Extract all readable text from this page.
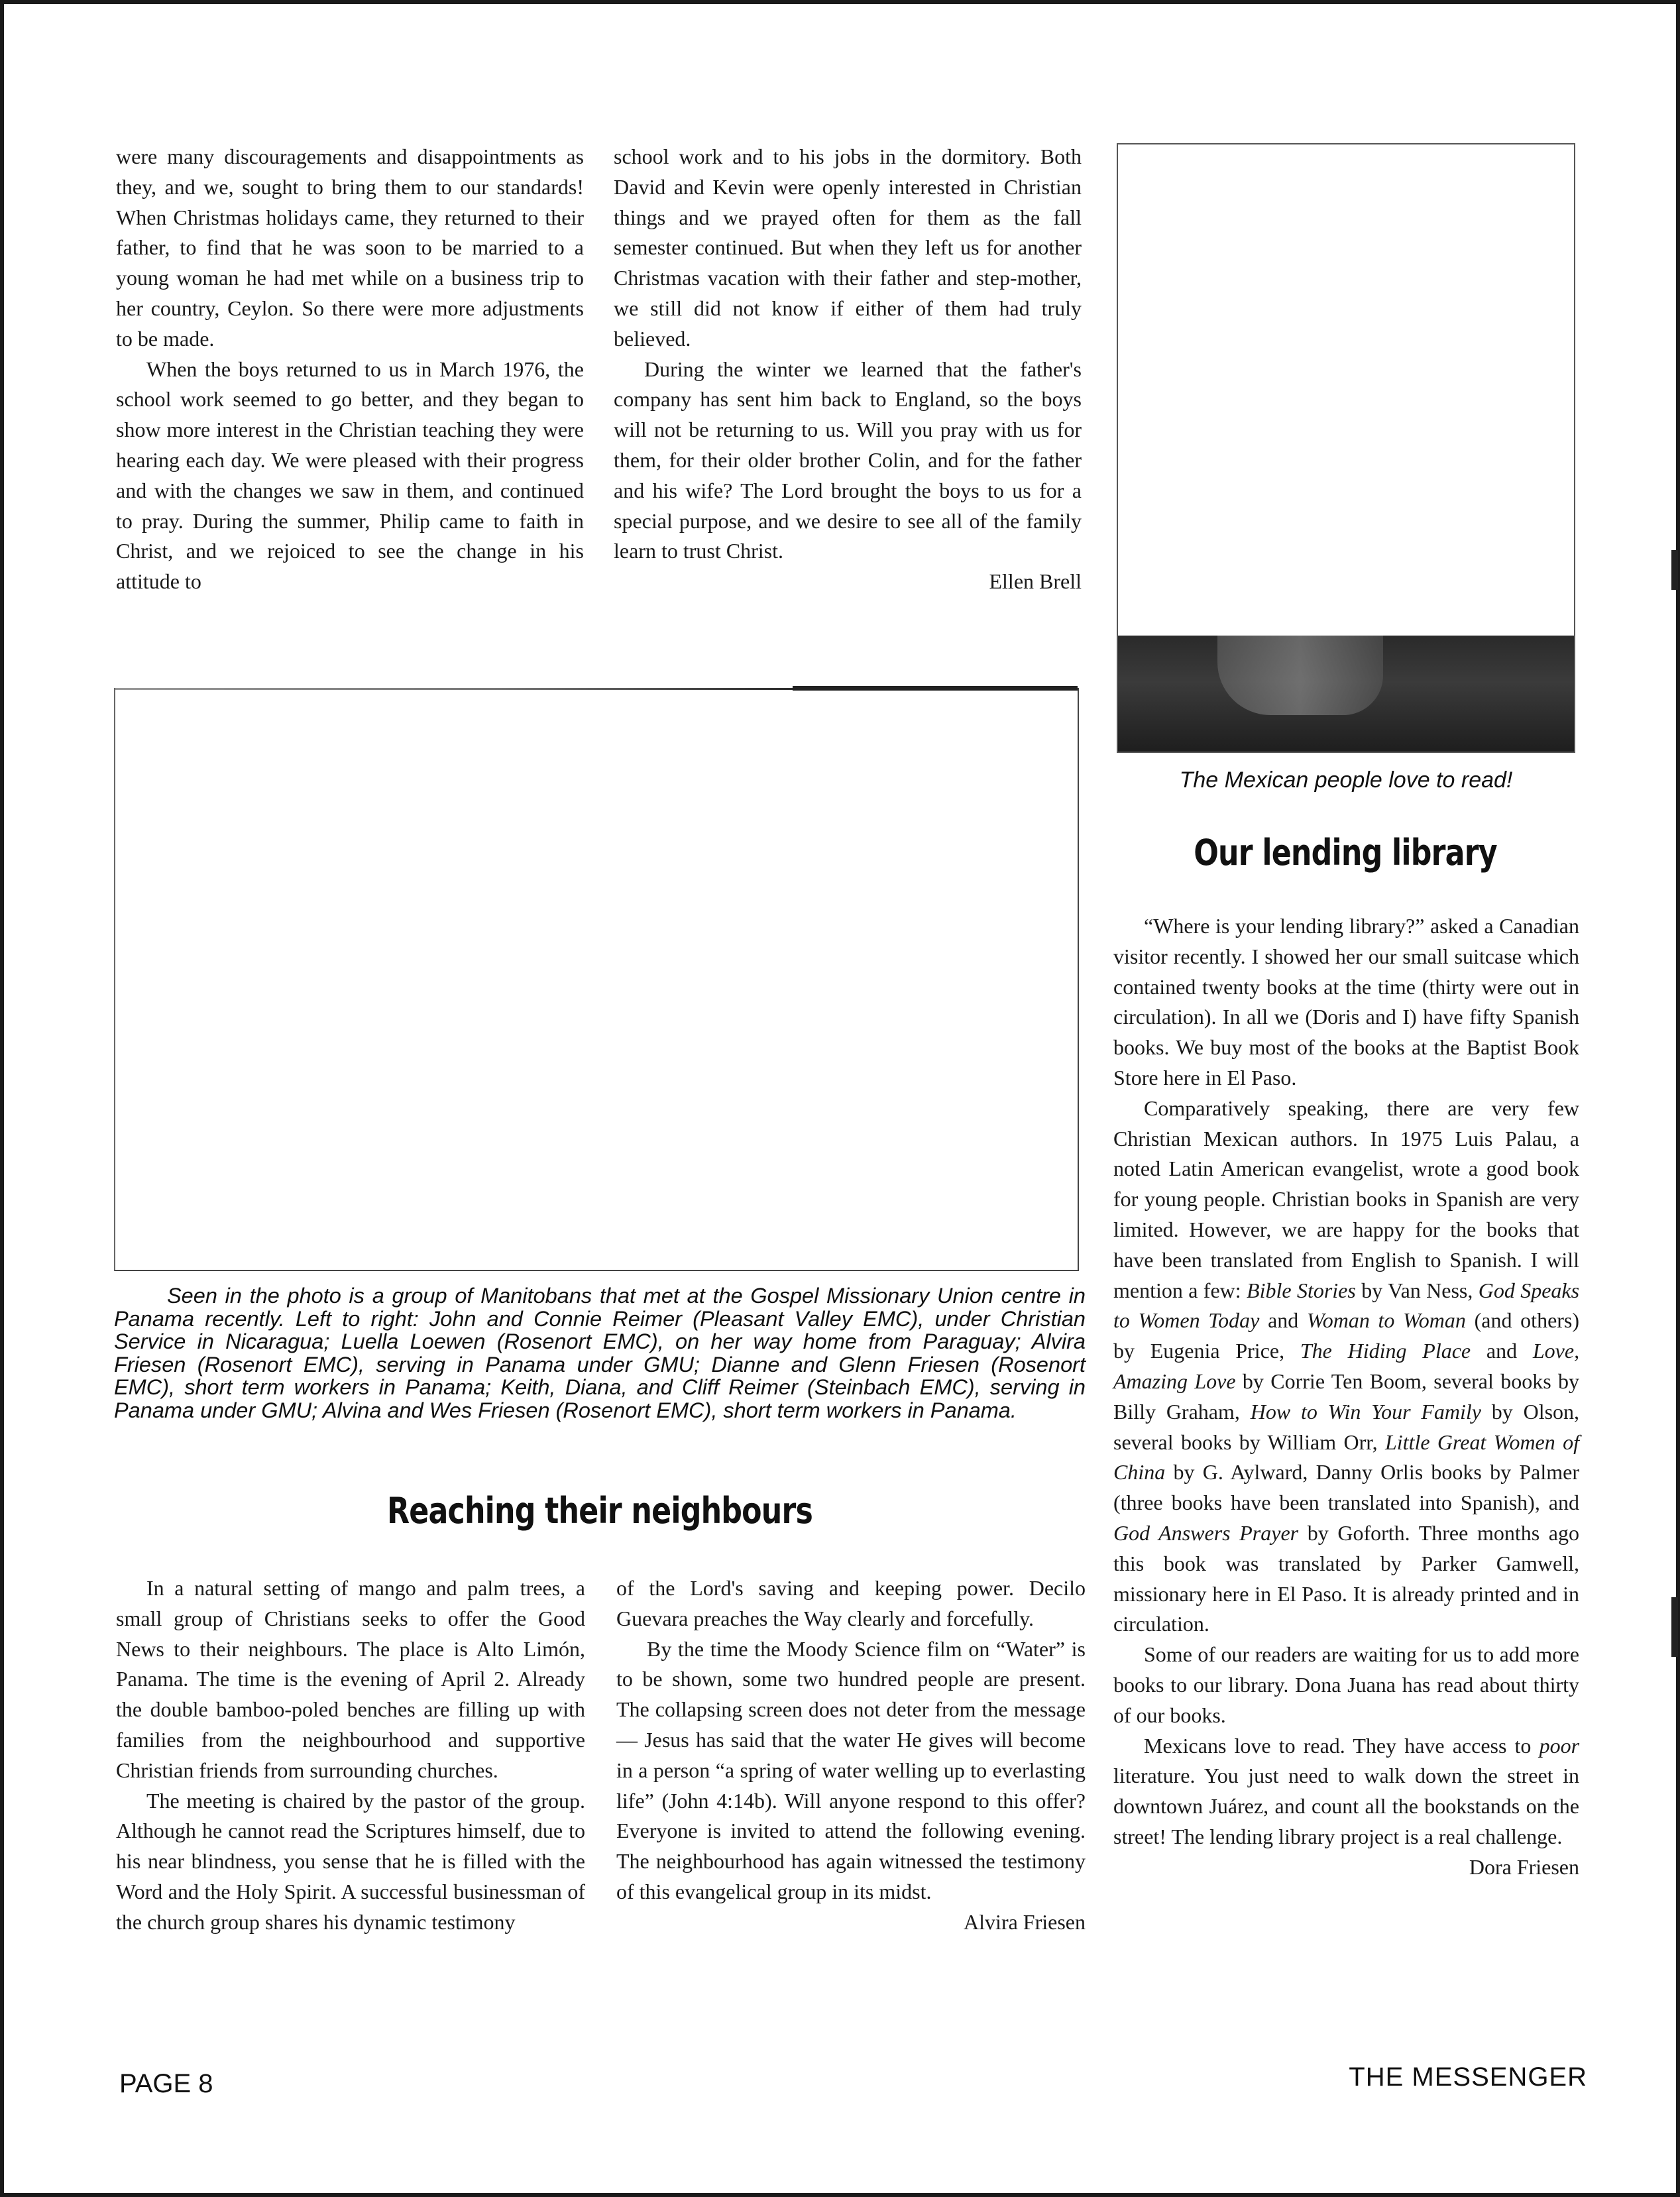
were many discouragements and disappointments as they, and we, sought to bring them to our standards! When Christmas holidays came, they returned to their father, to find that he was soon to be married to a young woman he had met while on a business trip to her country, Ceylon. So there were more adjustments to be made.

When the boys returned to us in March 1976, the school work seemed to go better, and they began to show more interest in the Christian teaching they were hearing each day. We were pleased with their progress and with the changes we saw in them, and continued to pray. During the summer, Philip came to faith in Christ, and we rejoiced to see the change in his attitude to

school work and to his jobs in the dormitory. Both David and Kevin were openly interested in Christian things and we prayed often for them as the fall semester continued. But when they left us for another Christmas vacation with their father and step-mother, we still did not know if either of them had truly believed.

During the winter we learned that the father's company has sent him back to England, so the boys will not be returning to us. Will you pray with us for them, for their older brother Colin, and for the father and his wife? The Lord brought the boys to us for a special purpose, and we desire to see all of the family learn to trust Christ.

Ellen Brell

The Mexican people love to read!
Our lending library

“Where is your lending library?” asked a Canadian visitor recently. I showed her our small suitcase which contained twenty books at the time (thirty were out in circulation). In all we (Doris and I) have fifty Spanish books. We buy most of the books at the Baptist Book Store here in El Paso.

Comparatively speaking, there are very few Christian Mexican authors. In 1975 Luis Palau, a noted Latin American evangelist, wrote a good book for young people. Christian books in Spanish are very limited. However, we are happy for the books that have been translated from English to Spanish. I will mention a few: Bible Stories by Van Ness, God Speaks to Women Today and Woman to Woman (and others) by Eugenia Price, The Hiding Place and Love, Amazing Love by Corrie Ten Boom, several books by Billy Graham, How to Win Your Family by Olson, several books by William Orr, Little Great Women of China by G. Aylward, Danny Orlis books by Palmer (three books have been translated into Spanish), and God Answers Prayer by Goforth. Three months ago this book was translated by Parker Gamwell, missionary here in El Paso. It is already printed and in circulation.

Some of our readers are waiting for us to add more books to our library. Dona Juana has read about thirty of our books.

Mexicans love to read. They have access to poor literature. You just need to walk down the street in downtown Juárez, and count all the bookstands on the street! The lending library project is a real challenge.

Dora Friesen

Seen in the photo is a group of Manitobans that met at the Gospel Missionary Union centre in Panama recently. Left to right: John and Connie Reimer (Pleasant Valley EMC), under Christian Service in Nicaragua; Luella Loewen (Rosenort EMC), on her way home from Paraguay; Alvira Friesen (Rosenort EMC), serving in Panama under GMU; Dianne and Glenn Friesen (Rosenort EMC), short term workers in Panama; Keith, Diana, and Cliff Reimer (Steinbach EMC), serving in Panama under GMU; Alvina and Wes Friesen (Rosenort EMC), short term workers in Panama.
Reaching their neighbours

In a natural setting of mango and palm trees, a small group of Christians seeks to offer the Good News to their neighbours. The place is Alto Limón, Panama. The time is the evening of April 2. Already the double bamboo-poled benches are filling up with families from the neighbourhood and supportive Christian friends from surrounding churches.

The meeting is chaired by the pastor of the group. Although he cannot read the Scriptures himself, due to his near blindness, you sense that he is filled with the Word and the Holy Spirit. A successful businessman of the church group shares his dynamic testimony

of the Lord's saving and keeping power. Decilo Guevara preaches the Way clearly and forcefully.

By the time the Moody Science film on “Water” is to be shown, some two hundred people are present. The collapsing screen does not deter from the message — Jesus has said that the water He gives will become in a person “a spring of water welling up to everlasting life” (John 4:14b). Will anyone respond to this offer? Everyone is invited to attend the following evening. The neighbourhood has again witnessed the testimony of this evangelical group in its midst.

Alvira Friesen

PAGE 8	THE MESSENGER
